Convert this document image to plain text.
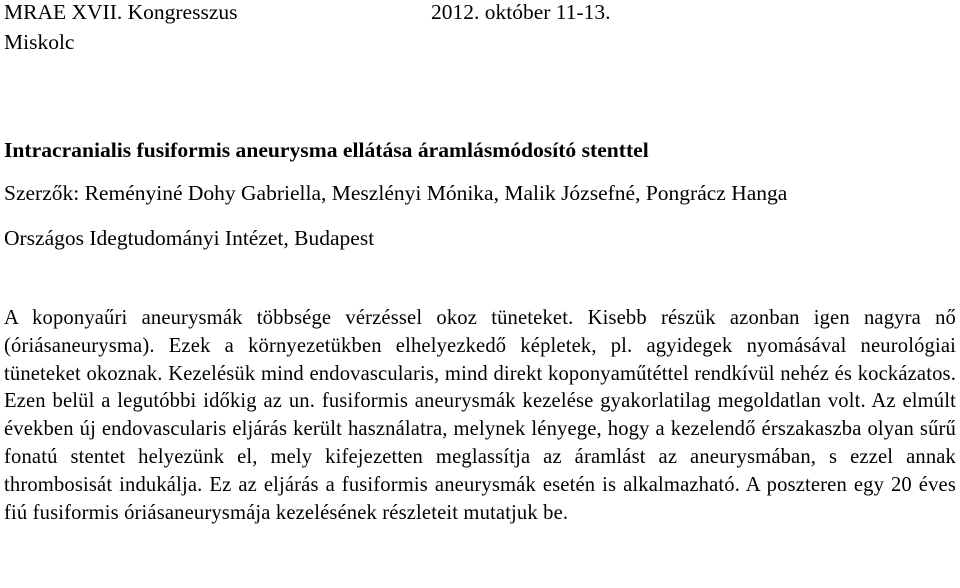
MRAE XVII. Kongresszus	2012. október 11-13.
Miskolc
Intracranialis fusiformis aneurysma ellátása áramlásmódosító stenttel
Szerzők: Reményiné Dohy Gabriella, Meszlényi Mónika, Malik Józsefné, Pongrácz Hanga
Országos Idegtudományi Intézet, Budapest
A koponyaűri aneurysmák többsége vérzéssel okoz tüneteket. Kisebb részük azonban igen nagyra nő (óriásaneurysma). Ezek a környezetükben elhelyezkedő képletek, pl. agyidegek nyomásával neurológiai tüneteket okoznak. Kezelésük mind endovascularis, mind direkt koponyaműtéttel rendkívül nehéz és kockázatos. Ezen belül a legutóbbi időkig az un. fusiformis aneurysmák kezelése gyakorlatilag megoldatlan volt. Az elmúlt években új endovascularis eljárás került használatra, melynek lényege, hogy a kezelendő érszakaszba olyan sűrű fonatú stentet helyezünk el, mely kifejezetten meglassítja az áramlást az aneurysmában, s ezzel annak thrombosisát indukálja. Ez az eljárás a fusiformis aneurysmák esetén is alkalmazható. A poszteren egy 20 éves fiú fusiformis óriásaneurysmája kezelésének részleteit mutatjuk be.
